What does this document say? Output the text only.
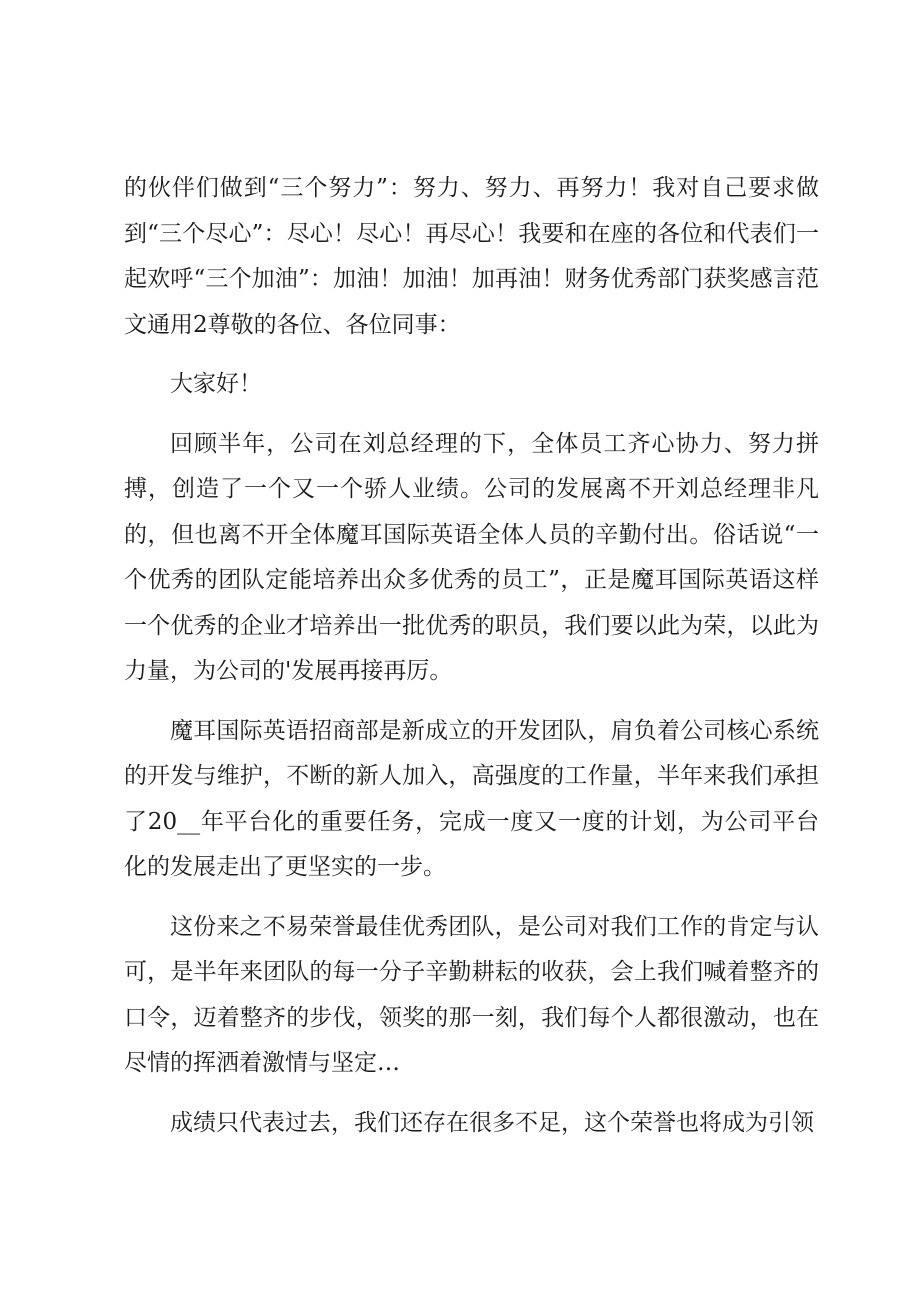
的伙伴们做到“三个努力”：努力、努力、再努力！我对自己要求做到“三个尽心”：尽心！尽心！再尽心！我要和在座的各位和代表们一起欢呼“三个加油”：加油！加油！加再油！财务优秀部门获奖感言范文通用2尊敬的各位、各位同事：

大家好！

回顾半年，公司在刘总经理的下，全体员工齐心协力、努力拼搏，创造了一个又一个骄人业绩。公司的发展离不开刘总经理非凡的，但也离不开全体魔耳国际英语全体人员的辛勤付出。俗话说“一个优秀的团队定能培养出众多优秀的员工”，正是魔耳国际英语这样一个优秀的企业才培养出一批优秀的职员，我们要以此为荣，以此为力量，为公司的'发展再接再厉。

魔耳国际英语招商部是新成立的开发团队，肩负着公司核心系统的开发与维护，不断的新人加入，高强度的工作量，半年来我们承担了20__年平台化的重要任务，完成一度又一度的计划，为公司平台化的发展走出了更坚实的一步。

这份来之不易荣誉最佳优秀团队，是公司对我们工作的肯定与认可，是半年来团队的每一分子辛勤耕耘的收获，会上我们喊着整齐的口令，迈着整齐的步伐，领奖的那一刻，我们每个人都很激动，也在尽情的挥洒着激情与坚定…

成绩只代表过去，我们还存在很多不足，这个荣誉也将成为引领
